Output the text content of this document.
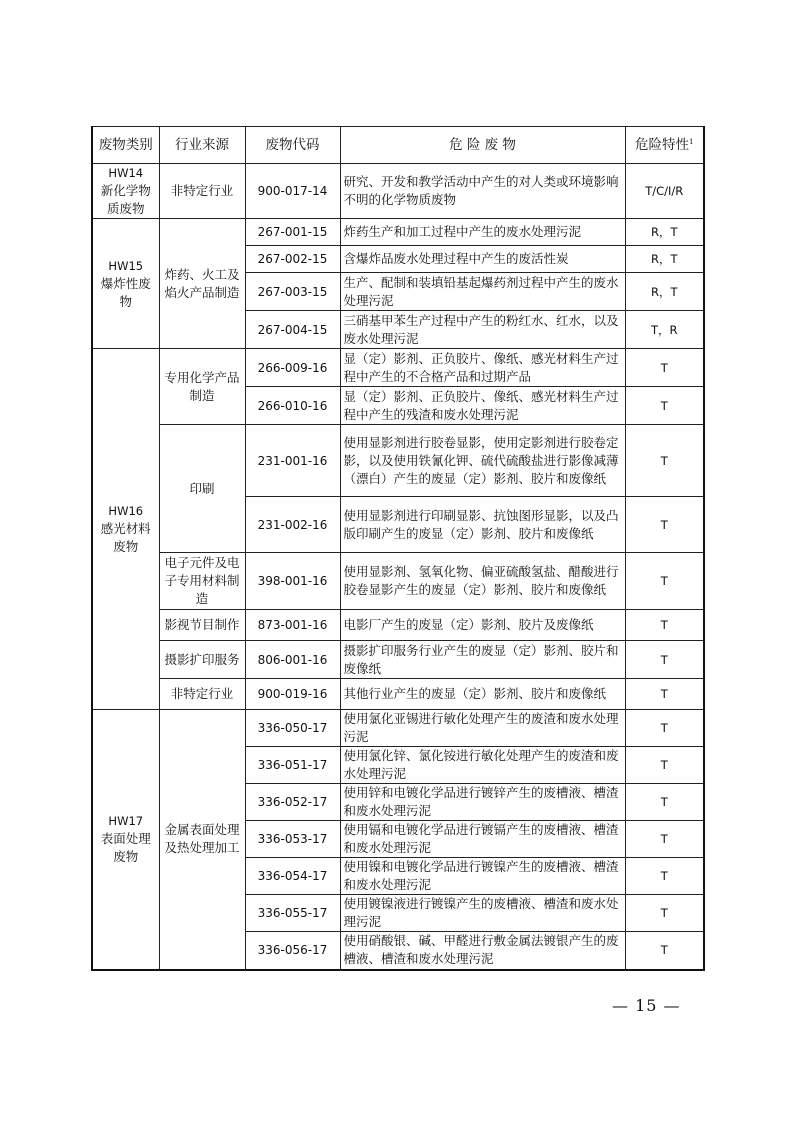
废物类别	行业来源	废物代码	危 险 废 物	危险特性$^1$

HW14
新化学物质废物	非特定行业	900-017-14	研究、开发和教学活动中产生的对人类或环境影响不明的化学物质废物	T/C/I/R

HW15
爆炸性废物	炸药、火工及焰火产品制造	267-001-15	炸药生产和加工过程中产生的废水处理污泥	R，T
		267-002-15	含爆炸品废水处理过程中产生的废活性炭	R，T
		267-003-15	生产、配制和装填铅基起爆药剂过程中产生的废水处理污泥	R，T
		267-004-15	三硝基甲苯生产过程中产生的粉红水、红水，以及废水处理污泥	T，R

HW16
感光材料废物	专用化学产品制造	266-009-16	显（定）影剂、正负胶片、像纸、感光材料生产过程中产生的不合格产品和过期产品	T
		266-010-16	显（定）影剂、正负胶片、像纸、感光材料生产过程中产生的残渣和废水处理污泥	T
	印刷	231-001-16	使用显影剂进行胶卷显影，使用定影剂进行胶卷定影，以及使用铁氰化钾、硫代硫酸盐进行影像减薄（漂白）产生的废显（定）影剂、胶片和废像纸	T
		231-002-16	使用显影剂进行印刷显影、抗蚀图形显影，以及凸版印刷产生的废显（定）影剂、胶片和废像纸	T
	电子元件及电子专用材料制造	398-001-16	使用显影剂、氢氧化物、偏亚硫酸氢盐、醋酸进行胶卷显影产生的废显（定）影剂、胶片和废像纸	T
	影视节目制作	873-001-16	电影厂产生的废显（定）影剂、胶片及废像纸	T
	摄影扩印服务	806-001-16	摄影扩印服务行业产生的废显（定）影剂、胶片和废像纸	T
	非特定行业	900-019-16	其他行业产生的废显（定）影剂、胶片和废像纸	T

HW17
表面处理废物	金属表面处理及热处理加工	336-050-17	使用氯化亚锡进行敏化处理产生的废渣和废水处理污泥	T
		336-051-17	使用氯化锌、氯化铵进行敏化处理产生的废渣和废水处理污泥	T
		336-052-17	使用锌和电镀化学品进行镀锌产生的废槽液、槽渣和废水处理污泥	T
		336-053-17	使用镉和电镀化学品进行镀镉产生的废槽液、槽渣和废水处理污泥	T
		336-054-17	使用镍和电镀化学品进行镀镍产生的废槽液、槽渣和废水处理污泥	T
		336-055-17	使用镀镍液进行镀镍产生的废槽液、槽渣和废水处理污泥	T
		336-056-17	使用硝酸银、碱、甲醛进行敷金属法镀银产生的废槽液、槽渣和废水处理污泥	T
— 15 —
